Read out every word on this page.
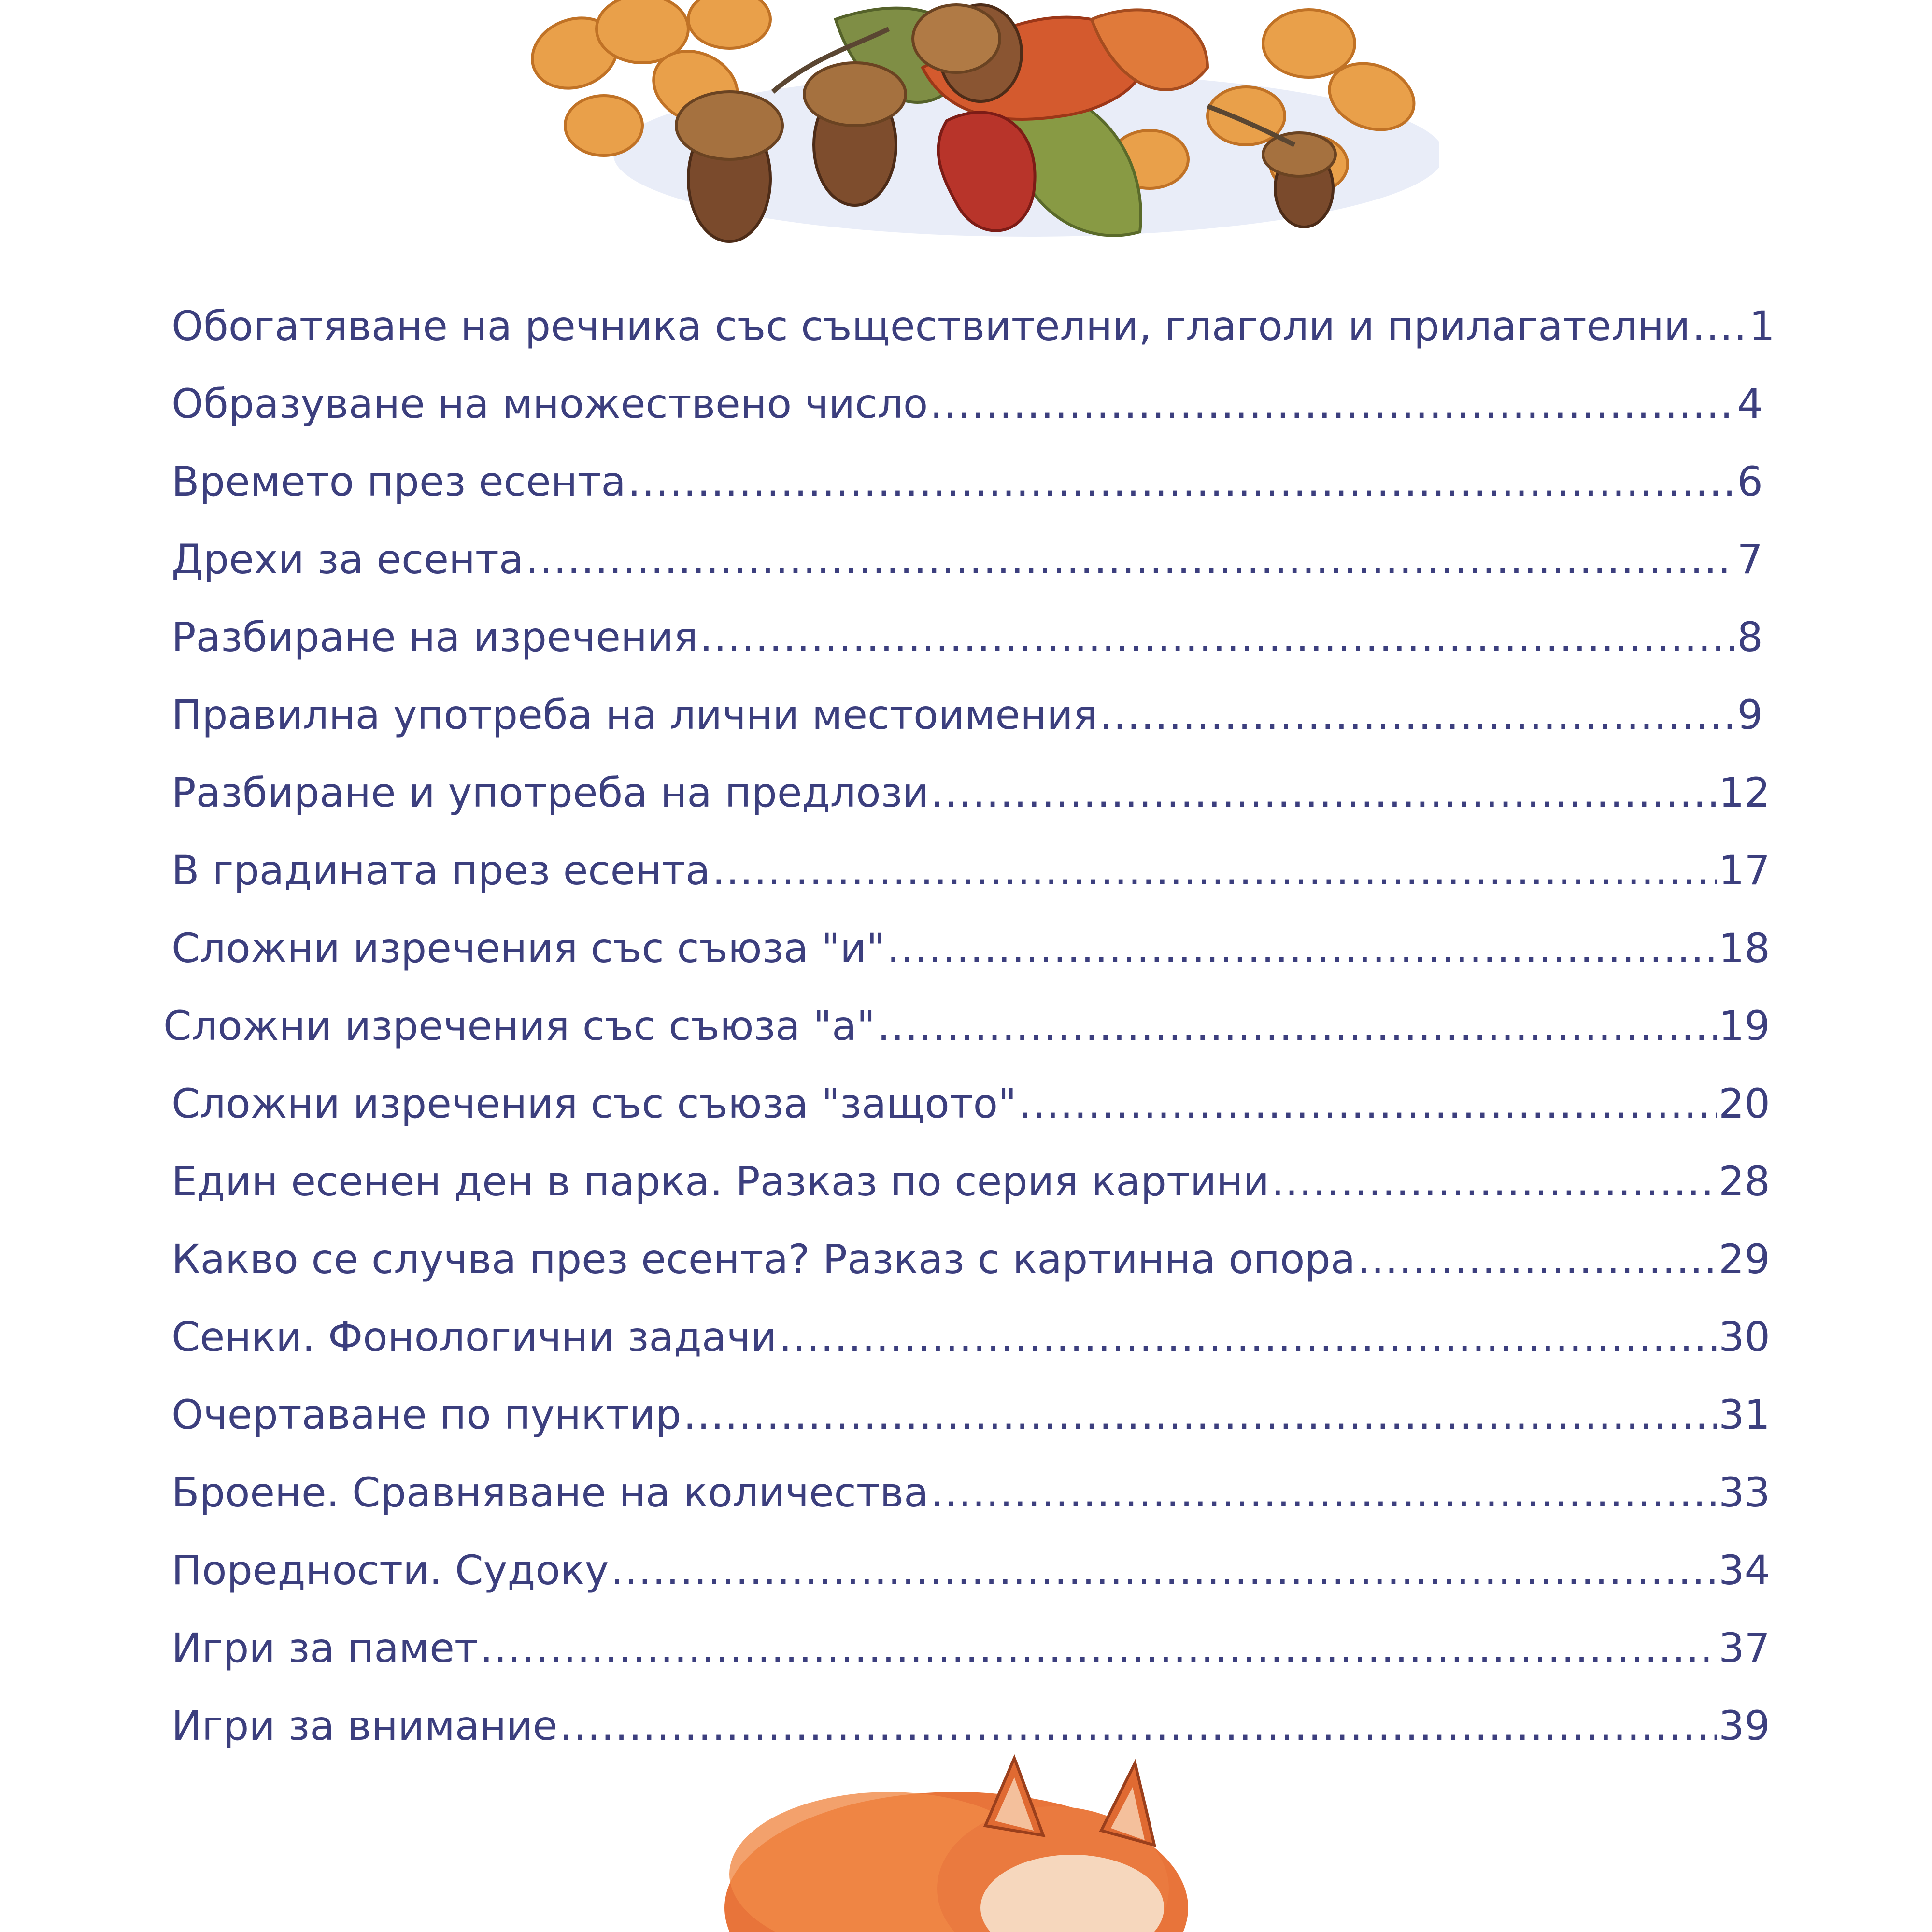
Обогатяване на речника със съществителни, глаголи и прилагателни ..... 1
Образуване на множествено число .....	4
Времето през есента .....	6
Дрехи за есента .....	7
Разбиране на изречения .....	8
Правилна употреба на лични местоимения .....	9
Разбиране и употреба на предлози .....	12
В градината през есента .....	17
Сложни изречения със съюза "и" .....	18
Сложни изречения със съюза "а" .....	19
Сложни изречения със съюза "защото" .....	20
Един есенен ден в парка. Разказ по серия картини .....	28
Какво се случва през есента? Разказ с картинна опора .....	29
Сенки. Фонологични задачи .....	30
Очертаване по пунктир .....	31
Броене. Сравняване на количества .....	33
Поредности. Судоку .....	34
Игри за памет .....	37
Игри за внимание .....	39
